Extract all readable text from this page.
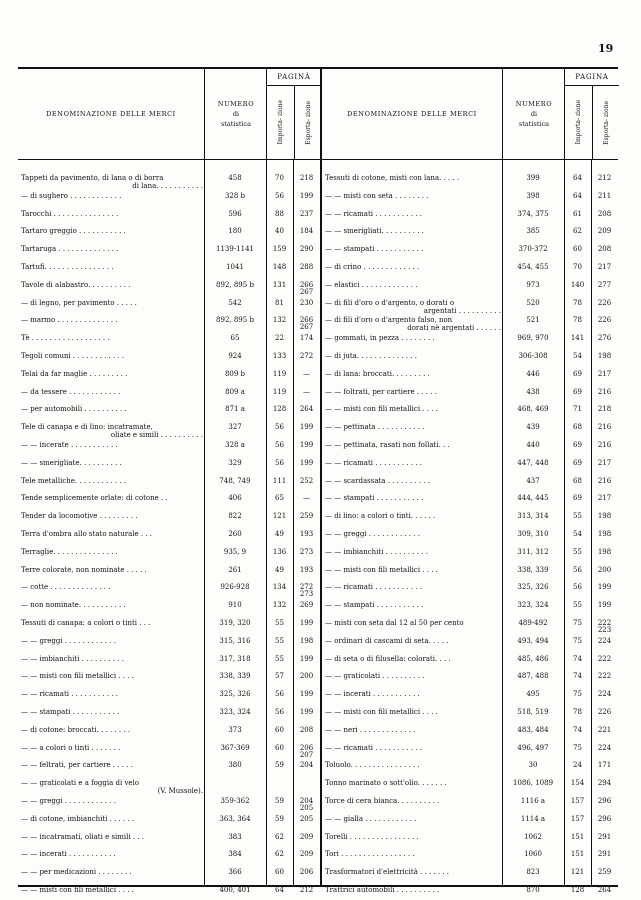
19
DENOMINAZIONE DELLE MERCI
NUMERO
di
statistica
PAGINÀ
Importa- zione	Esporta- zione
Tappeti da pavimento, di lana o di borra
di lana. . . . . . . . . . .
458	70	218
— di sughero . . . . . . . . . . . .	328 b	56	199
Tarocchi . . . . . . . . . . . . . . .	596	88	237
Tartaro greggio . . . . . . . . . . .	180	40	184
Tartaruga . . . . . . . . . . . . . .	1139-1141	159	290
Tartufi. . . . . . . . . . . . . . . .	1041	148	288
Tavole di alabastro. . . . . . . . . .	892, 895 b	131	266
267
— di legno, per pavimento . . . . .	542	81	230
— marmo . . . . . . . . . . . . . .	892, 895 b	132	266
267
Tè . . . . . . . . . . . . . . . . . .	65	22	174
Tegoli comuni . . . . . . . . . . . .	924	133	272
Telai da far maglie . . . . . . . . .	809 b	119	—
— da tessere . . . . . . . . . . . .	809 a	119	—
— per automobili . . . . . . . . . .	871 a	128	264
Tele di canapa e di lino: incatramate,
oliate e simili . . . . . . . . . .
327	56	199
— — incerate . . . . . . . . . . .	328 a	56	199
— — smerigliate. . . . . . . . . .	329	56	199
Tele metalliche. . . . . . . . . . . .	748, 749	111	252
Tende semplicemente orlate: di cotone . .	406	65	—
Tender da locomotive . . . . . . . . .	822	121	259
Terra d'ombra allo stato naturale . . .	260	49	193
Terraglie. . . . . . . . . . . . . . .	935, 9	136	273
Terre colorate, non nominate . . . . .	261	49	193
— cotte . . . . . . . . . . . . . .	926-928	134	272
273
— non nominate. . . . . . . . . . .	910	132	269
Tessuti di canapa: a colori o tinti . . .	319, 320	55	199
— — greggi . . . . . . . . . . . .	315, 316	55	198
— — imbianchiti . . . . . . . . . .	317, 318	55	199
— — misti con fili metallici . . . .	338, 339	57	200
— — ricamati . . . . . . . . . . .	325, 326	56	199
— — stampati . . . . . . . . . . .	323, 324	56	199
— di cotone: broccati. . . . . . . .	373	60	208
— — a colori o tinti . . . . . . .	367-369	60	206
207
— — feltrati, per cartiere . . . . .	380	59	204
— — graticolati e a foggia di velo
(V. Mussole).
— — greggi . . . . . . . . . . . .	359-362	59	204
205
— di cotone, imbianchiti . . . . . .	363, 364	59	205
— — incatramati, oliati e simili . . .	383	62	209
— — incerati . . . . . . . . . . .	384	62	209
— — per medicazioni . . . . . . . .	366	60	206
— — misti con fili metallici . . . .	400, 401	64	212
DENOMINAZIONE DELLE MERCI
NUMERO
di
statistica
PAGINA
Importa- zione	Esporta- zione
Tessuti di cotone, misti con lana. . . . .	399	64	212
— — misti con seta . . . . . . . .	398	64	211
— — ricamati . . . . . . . . . . .	374, 375	61	208
— — smerigliati. . . . . . . . . .	385	62	209
— — stampati . . . . . . . . . . .	370-372	60	208
— di crino . . . . . . . . . . . . .	454, 455	70	217
— elastici . . . . . . . . . . . . .	973	140	277
— di fili d'oro o d'argento, o dorati o
argentati . . . . . . . . . .
520	78	226
— di fili d'oro o d'argento falso, non
dorati nè argentati . . . . . .
521	78	226
— gommati, in pezza . . . . . . . .	969, 970	141	276
— di juta. . . . . . . . . . . . . .	306-308	54	198
— di lana: broccati. . . . . . . . .	446	69	217
— — foltrati, per cartiere . . . . .	438	69	216
— — misti con fili metallici . . . .	468, 469	71	218
— — pettinata . . . . . . . . . . .	439	68	216
— — pettinata, rasati non follati. . .	440	69	216
— — ricamati . . . . . . . . . . .	447, 448	69	217
— — scardassata . . . . . . . . . .	437	68	216
— — stampati . . . . . . . . . . .	444, 445	69	217
— di lino: a colori o tinti. . . . . .	313, 314	55	198
— — greggi . . . . . . . . . . . .	309, 310	54	198
— — imbianchiti . . . . . . . . . .	311, 312	55	198
— — misti con fili metallici . . . .	338, 339	56	200
— — ricamati . . . . . . . . . . .	325, 326	56	199
— — stampati . . . . . . . . . . .	323, 324	55	199
— misti con seta dal 12 al 50 per cento	489-492	75	222
223
— ordinari di cascami di seta. . . . .	493, 494	75	224
— di seta o di filusella: colorati. . . .	485, 486	74	222
— — graticolati . . . . . . . . . .	487, 488	74	222
— — incerati . . . . . . . . . . .	495	75	224
— — misti con fili metallici . . . .	518, 519	78	226
— — neri . . . . . . . . . . . . .	483, 484	74	221
— — ricamati . . . . . . . . . . .	496, 497	75	224
Toluolo. . . . . . . . . . . . . . . .	30	24	171
Tonno marinato o sott'olio. . . . . . .	1086, 1089	154	294
Torce di cera bianca. . . . . . . . . .	1116 a	157	296
— — gialla . . . . . . . . . . . .	1114 a	157	296
Torelli . . . . . . . . . . . . . . . .	1062	151	291
Tori . . . . . . . . . . . . . . . . .	1060	151	291
Trasformatori d'elettricità . . . . . . .	823	121	259
Trattrici automobili . . . . . . . . . .	870	128	264
